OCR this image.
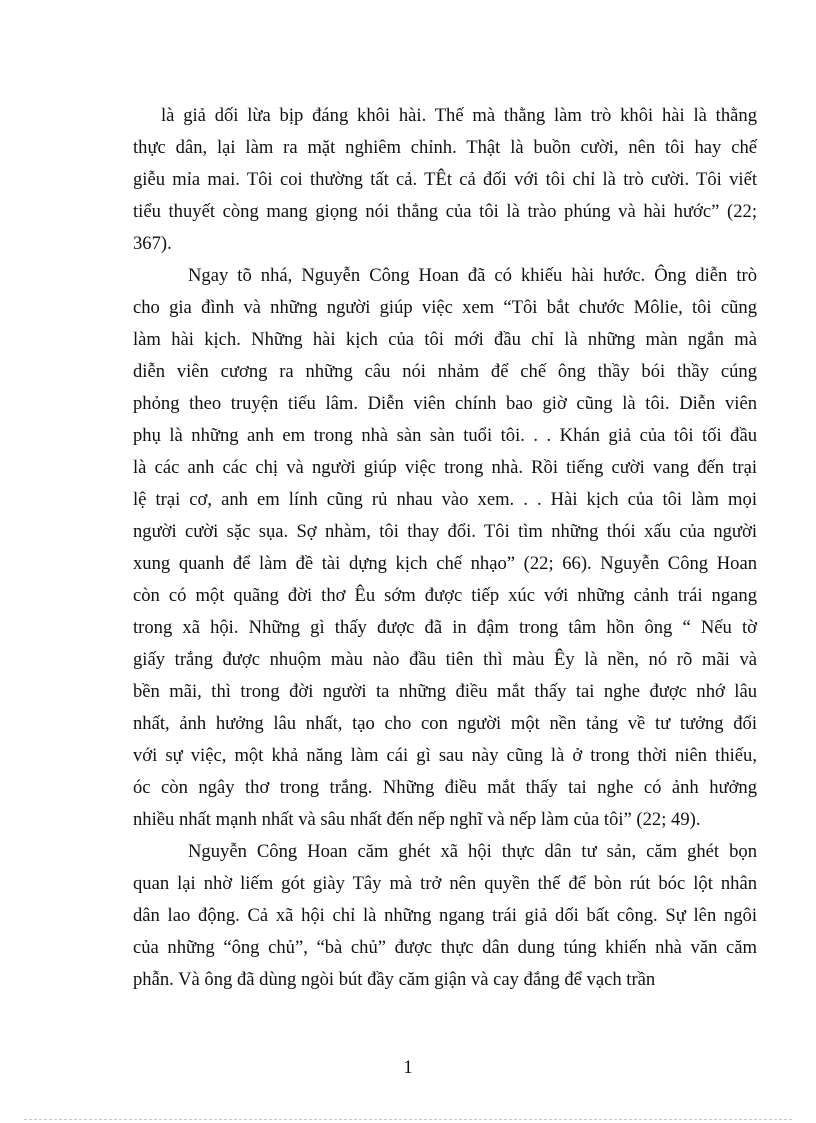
là giả dối lừa bịp đáng khôi hài. Thế mà thằng làm trò khôi hài là thằng
thực dân, lại làm ra mặt nghiêm chỉnh. Thật là buồn cười, nên tôi hay chế
giễu mỉa mai. Tôi coi thường tất cả. TÊt cả đối với tôi chỉ là trò cười. Tôi viết
tiểu thuyết còng mang giọng nói thẳng của tôi là trào phúng và hài hước” (22;
367).
Ngay tõ nhá, Nguyễn Công Hoan đã có khiếu hài hước. Ông diễn trò
cho gia đình và những người giúp việc xem “Tôi bắt chước Môlie, tôi cũng
làm hài kịch. Những hài kịch của tôi mới đầu chỉ là những màn ngắn mà
diễn viên cương ra những câu nói nhảm để chế ông thầy bói thầy cúng
phỏng theo truyện tiếu lâm. Diễn viên chính bao giờ cũng là tôi. Diễn viên
phụ là những anh em trong nhà sàn sàn tuổi tôi. . . Khán giả của tôi tối đầu
là các anh các chị và người giúp việc trong nhà. Rồi tiếng cười vang đến trại
lệ trại cơ, anh em lính cũng rủ nhau vào xem. . . Hài kịch của tôi làm mọi
người cười sặc sụa. Sợ nhàm, tôi thay đổi. Tôi tìm những thói xấu của người
xung quanh để làm đề tài dựng kịch chế nhạo” (22; 66). Nguyễn Công Hoan
còn có một quãng đời thơ Êu sớm được tiếp xúc với những cảnh trái ngang
trong xã hội. Những gì thấy được đã in đậm trong tâm hồn ông “ Nếu tờ
giấy trắng được nhuộm màu nào đầu tiên thì màu Êy là nền, nó rõ mãi và
bền mãi, thì trong đời người ta những điều mắt thấy tai nghe được nhớ lâu
nhất, ảnh hưởng lâu nhất, tạo cho con người một nền tảng về tư tưởng đối
với sự việc, một khả năng làm cái gì sau này cũng là ở trong thời niên thiếu,
óc còn ngây thơ trong trắng. Những điều mắt thấy tai nghe có ảnh hưởng
nhiều nhất mạnh nhất và sâu nhất đến nếp nghĩ và nếp làm của tôi” (22; 49).
Nguyễn Công Hoan căm ghét xã hội thực dân tư sản, căm ghét bọn
quan lại nhờ liếm gót giày Tây mà trở nên quyền thế để bòn rút bóc lột nhân
dân lao động. Cả xã hội chỉ là những ngang trái giả dối bất công. Sự lên ngôi
của những “ông chủ”, “bà chủ” được thực dân dung túng khiến nhà văn căm
phẫn. Và ông đã dùng ngòi bút đầy căm giận và cay đắng để vạch trần
1
